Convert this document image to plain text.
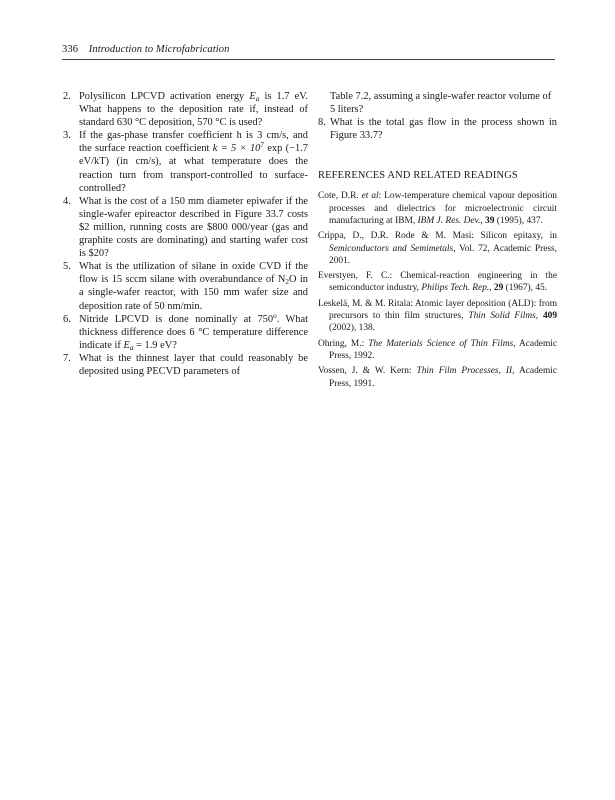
336 Introduction to Microfabrication
2. Polysilicon LPCVD activation energy $E_a$ is 1.7 eV. What happens to the deposition rate if, instead of standard 630 °C deposition, 570 °C is used?
3. If the gas-phase transfer coefficient h is 3 cm/s, and the surface reaction coefficient $k = 5 \times 10^7$ exp (−1.7 eV/kT) (in cm/s), at what temperature does the reaction turn from transport-controlled to surface-controlled?
4. What is the cost of a 150 mm diameter epiwafer if the single-wafer epireactor described in Figure 33.7 costs $2 million, running costs are $800 000/year (gas and graphite costs are dominating) and starting wafer cost is $20?
5. What is the utilization of silane in oxide CVD if the flow is 15 sccm silane with overabundance of $N_2O$ in a single-wafer reactor, with 150 mm wafer size and deposition rate of 50 nm/min.
6. Nitride LPCVD is done nominally at 750$^o$. What thickness difference does 6 °C temperature difference indicate if $E_a = 1.9$ eV?
7. What is the thinnest layer that could reasonably be deposited using PECVD parameters of

Table 7.2, assuming a single-wafer reactor volume of 5 liters?

8. What is the total gas flow in the process shown in Figure 33.7?
REFERENCES AND RELATED READINGS
Cote, D.R. et al: Low-temperature chemical vapour deposition processes and dielectrics for microelectronic circuit manufacturing at IBM, IBM J. Res. Dev., 39 (1995), 437.
Crippa, D., D.R. Rode & M. Masi: Silicon epitaxy, in Semiconductors and Semimetals, Vol. 72, Academic Press, 2001.
Everstyen, F. C.: Chemical-reaction engineering in the semiconductor industry, Philips Tech. Rep., 29 (1967), 45.
Leskelä, M. & M. Ritala: Atomic layer deposition (ALD): from precursors to thin film structures, Thin Solid Films, 409 (2002), 138.
Ohring, M.: The Materials Science of Thin Films, Academic Press, 1992.
Vossen, J. & W. Kern: Thin Film Processes, II, Academic Press, 1991.
